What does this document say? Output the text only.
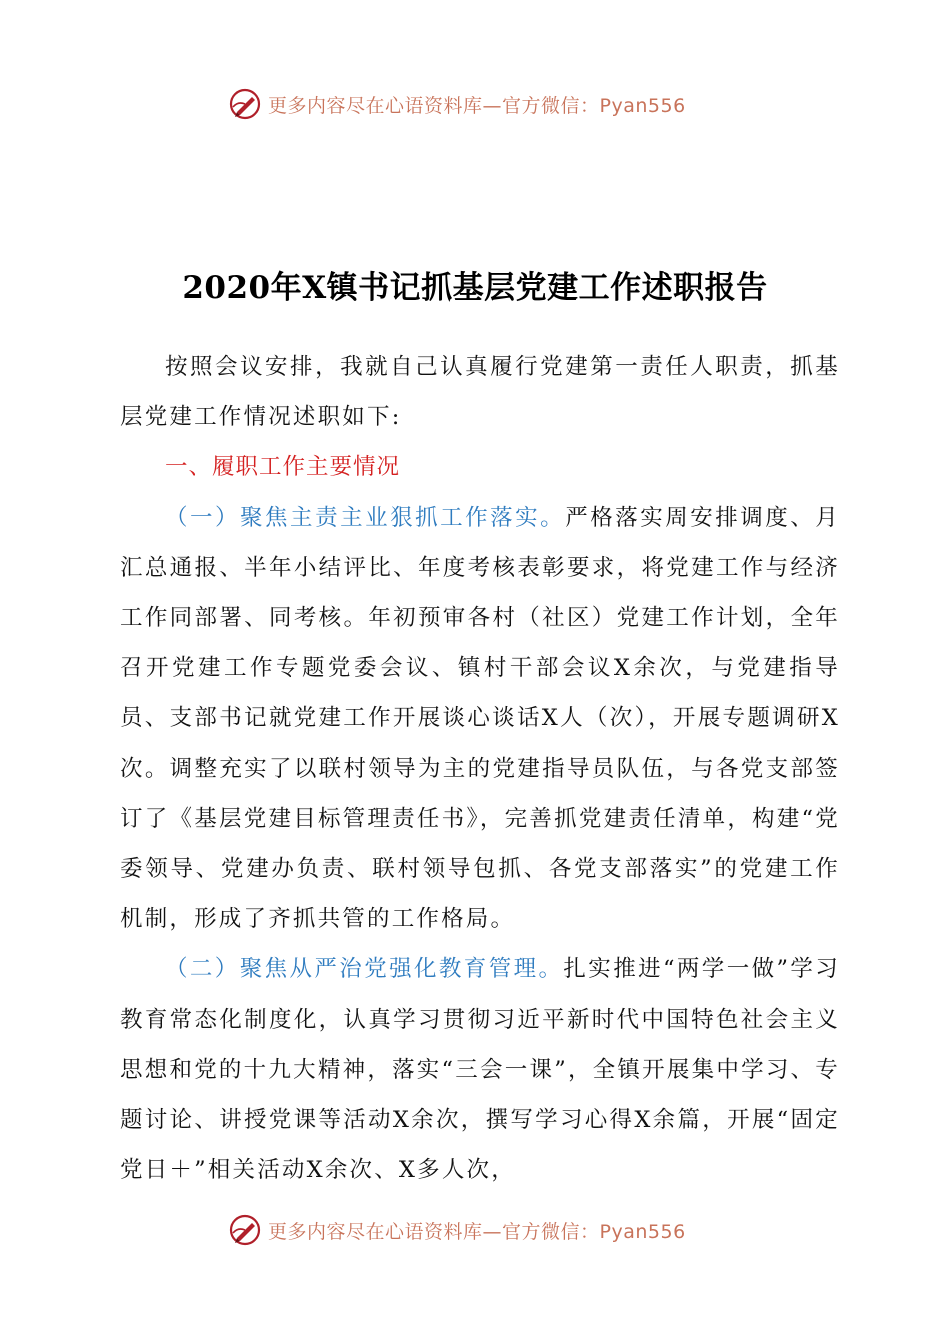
更多内容尽在心语资料库—官方微信：Pyan556
2020年X镇书记抓基层党建工作述职报告

按照会议安排，我就自己认真履行党建第一责任人职责，抓基层党建工作情况述职如下:

一、履职工作主要情况

（一）聚焦主责主业狠抓工作落实。严格落实周安排调度、月汇总通报、半年小结评比、年度考核表彰要求，将党建工作与经济工作同部署、同考核。年初预审各村（社区）党建工作计划，全年召开党建工作专题党委会议、镇村干部会议X余次，与党建指导员、支部书记就党建工作开展谈心谈话X人（次），开展专题调研X次。调整充实了以联村领导为主的党建指导员队伍，与各党支部签订了《基层党建目标管理责任书》，完善抓党建责任清单，构建“党委领导、党建办负责、联村领导包抓、各党支部落实”的党建工作机制，形成了齐抓共管的工作格局。

（二）聚焦从严治党强化教育管理。扎实推进“两学一做”学习教育常态化制度化，认真学习贯彻习近平新时代中国特色社会主义思想和党的十九大精神，落实“三会一课”，全镇开展集中学习、专题讨论、讲授党课等活动X余次，撰写学习心得X余篇，开展“固定党日＋”相关活动X余次、X多人次，

更多内容尽在心语资料库—官方微信：Pyan556
